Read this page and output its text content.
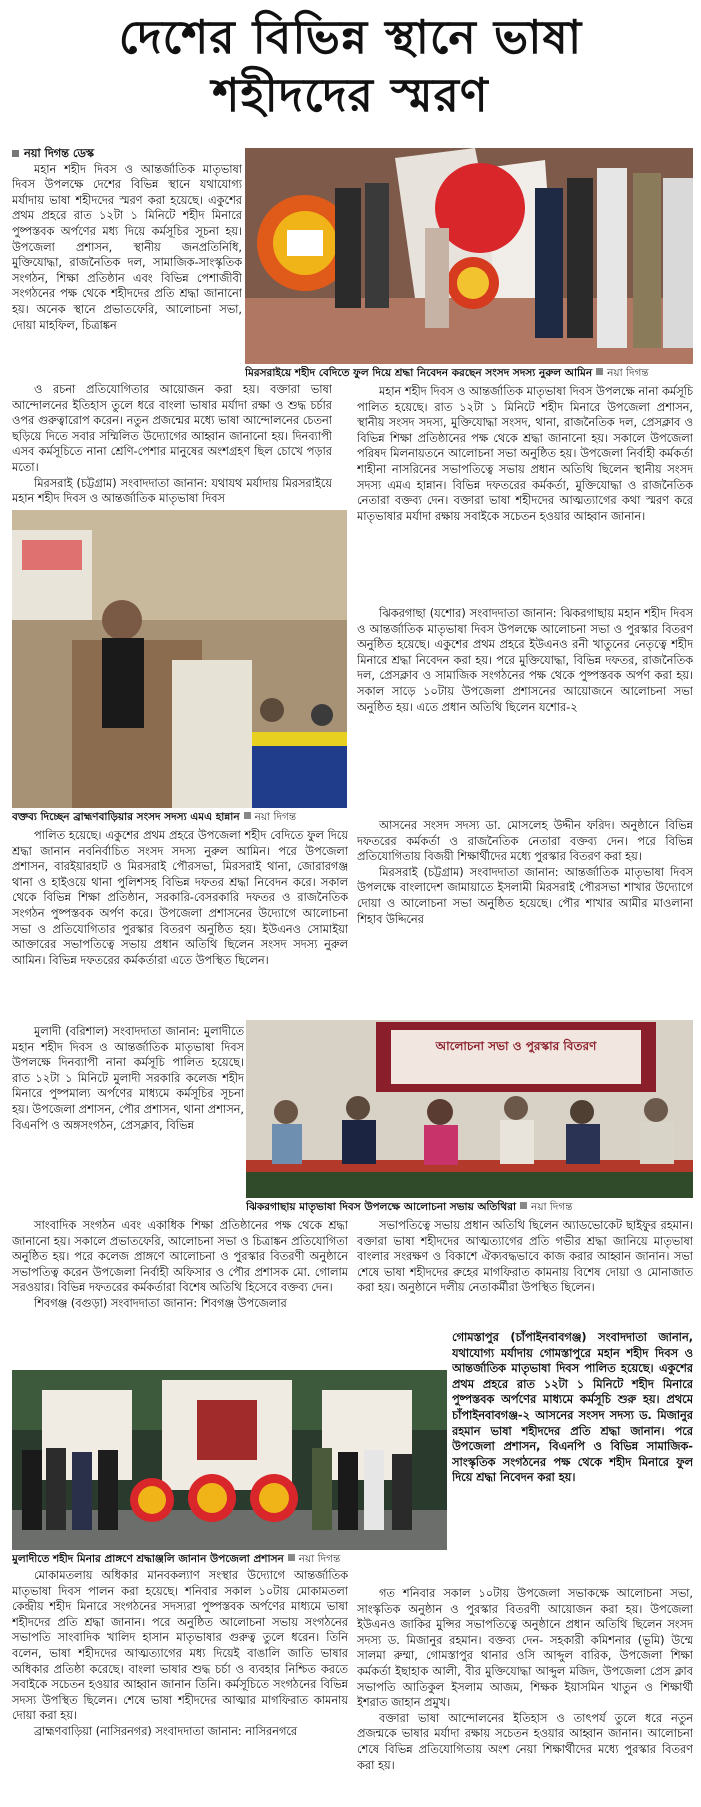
দেশের বিভিন্ন স্থানে ভাষা
শহীদদের স্মরণ
নয়া দিগন্ত ডেস্ক

মহান শহীদ দিবস ও আন্তর্জাতিক মাতৃভাষা দিবস উপলক্ষে দেশের বিভিন্ন স্থানে যথাযোগ্য মর্যাদায় ভাষা শহীদদের স্মরণ করা হয়েছে। একুশের প্রথম প্রহরে রাত ১২টা ১ মিনিটে শহীদ মিনারে পুষ্পস্তবক অর্পণের মধ্য দিয়ে কর্মসূচির সূচনা হয়। উপজেলা প্রশাসন, স্থানীয় জনপ্রতিনিধি, মুক্তিযোদ্ধা, রাজনৈতিক দল, সামাজিক-সাংস্কৃতিক সংগঠন, শিক্ষা প্রতিষ্ঠান এবং বিভিন্ন পেশাজীবী সংগঠনের পক্ষ থেকে শহীদদের প্রতি শ্রদ্ধা জানানো হয়। অনেক স্থানে প্রভাতফেরি, আলোচনা সভা, দোয়া মাহফিল, চিত্রাঙ্কন

মিরসরাইয়ে শহীদ বেদিতে ফুল দিয়ে শ্রদ্ধা নিবেদন করছেন সংসদ সদস্য নুরুল আমিন নয়া দিগন্ত

ও রচনা প্রতিযোগিতার আয়োজন করা হয়। বক্তারা ভাষা আন্দোলনের ইতিহাস তুলে ধরে বাংলা ভাষার মর্যাদা রক্ষা ও শুদ্ধ চর্চার ওপর গুরুত্বারোপ করেন। নতুন প্রজন্মের মধ্যে ভাষা আন্দোলনের চেতনা ছড়িয়ে দিতে সবার সম্মিলিত উদ্যোগের আহ্বান জানানো হয়। দিনব্যাপী এসব কর্মসূচিতে নানা শ্রেণি-পেশার মানুষের অংশগ্রহণ ছিল চোখে পড়ার মতো।

মিরসরাই (চট্টগ্রাম) সংবাদদাতা জানান: যথাযথ মর্যাদায় মিরসরাইয়ে মহান শহীদ দিবস ও আন্তর্জাতিক মাতৃভাষা দিবস

মহান শহীদ দিবস ও আন্তর্জাতিক মাতৃভাষা দিবস উপলক্ষে নানা কর্মসূচি পালিত হয়েছে। রাত ১২টা ১ মিনিটে শহীদ মিনারে উপজেলা প্রশাসন, স্থানীয় সংসদ সদস্য, মুক্তিযোদ্ধা সংসদ, থানা, রাজনৈতিক দল, প্রেসক্লাব ও বিভিন্ন শিক্ষা প্রতিষ্ঠানের পক্ষ থেকে শ্রদ্ধা জানানো হয়। সকালে উপজেলা পরিষদ মিলনায়তনে আলোচনা সভা অনুষ্ঠিত হয়। উপজেলা নির্বাহী কর্মকর্তা শাহীনা নাসরিনের সভাপতিত্বে সভায় প্রধান অতিথি ছিলেন স্থানীয় সংসদ সদস্য এমএ হান্নান। বিভিন্ন দফতরের কর্মকর্তা, মুক্তিযোদ্ধা ও রাজনৈতিক নেতারা বক্তব্য দেন। বক্তারা ভাষা শহীদদের আত্মত্যাগের কথা স্মরণ করে মাতৃভাষার মর্যাদা রক্ষায় সবাইকে সচেতন হওয়ার আহ্বান জানান।

বক্তব্য দিচ্ছেন ব্রাহ্মণবাড়িয়ার সংসদ সদস্য এমএ হান্নান নয়া দিগন্ত

ঝিকরগাছা (যশোর) সংবাদদাতা জানান: ঝিকরগাছায় মহান শহীদ দিবস ও আন্তর্জাতিক মাতৃভাষা দিবস উপলক্ষে আলোচনা সভা ও পুরস্কার বিতরণ অনুষ্ঠিত হয়েছে। একুশের প্রথম প্রহরে ইউএনও রনী খাতুনের নেতৃত্বে শহীদ মিনারে শ্রদ্ধা নিবেদন করা হয়। পরে মুক্তিযোদ্ধা, বিভিন্ন দফতর, রাজনৈতিক দল, প্রেসক্লাব ও সামাজিক সংগঠনের পক্ষ থেকে পুষ্পস্তবক অর্পণ করা হয়। সকাল সাড়ে ১০টায় উপজেলা প্রশাসনের আয়োজনে আলোচনা সভা অনুষ্ঠিত হয়। এতে প্রধান অতিথি ছিলেন যশোর-২

পালিত হয়েছে। একুশের প্রথম প্রহরে উপজেলা শহীদ বেদিতে ফুল দিয়ে শ্রদ্ধা জানান নবনির্বাচিত সংসদ সদস্য নুরুল আমিন। পরে উপজেলা প্রশাসন, বারইয়ারহাট ও মিরসরাই পৌরসভা, মিরসরাই থানা, জোরারগঞ্জ থানা ও হাইওয়ে থানা পুলিশসহ বিভিন্ন দফতর শ্রদ্ধা নিবেদন করে। সকাল থেকে বিভিন্ন শিক্ষা প্রতিষ্ঠান, সরকারি-বেসরকারি দফতর ও রাজনৈতিক সংগঠন পুষ্পস্তবক অর্পণ করে। উপজেলা প্রশাসনের উদ্যোগে আলোচনা সভা ও প্রতিযোগিতার পুরস্কার বিতরণ অনুষ্ঠিত হয়। ইউএনও সোমাইয়া আক্তারের সভাপতিত্বে সভায় প্রধান অতিথি ছিলেন সংসদ সদস্য নুরুল আমিন। বিভিন্ন দফতরের কর্মকর্তারা এতে উপস্থিত ছিলেন।

আসনের সংসদ সদস্য ডা. মোসলেহ উদ্দীন ফরিদ। অনুষ্ঠানে বিভিন্ন দফতরের কর্মকর্তা ও রাজনৈতিক নেতারা বক্তব্য দেন। পরে বিভিন্ন প্রতিযোগিতায় বিজয়ী শিক্ষার্থীদের মধ্যে পুরস্কার বিতরণ করা হয়।

মিরসরাই (চট্টগ্রাম) সংবাদদাতা জানান: আন্তর্জাতিক মাতৃভাষা দিবস উপলক্ষে বাংলাদেশ জামায়াতে ইসলামী মিরসরাই পৌরসভা শাখার উদ্যোগে দোয়া ও আলোচনা সভা অনুষ্ঠিত হয়েছে। পৌর শাখার আমীর মাওলানা শিহাব উদ্দিনের

মুলাদী (বরিশাল) সংবাদদাতা জানান: মুলাদীতে মহান শহীদ দিবস ও আন্তর্জাতিক মাতৃভাষা দিবস উপলক্ষে দিনব্যাপী নানা কর্মসূচি পালিত হয়েছে। রাত ১২টা ১ মিনিটে মুলাদী সরকারি কলেজ শহীদ মিনারে পুষ্পমাল্য অর্পণের মাধ্যমে কর্মসূচির সূচনা হয়। উপজেলা প্রশাসন, পৌর প্রশাসন, থানা প্রশাসন, বিএনপি ও অঙ্গসংগঠন, প্রেসক্লাব, বিভিন্ন

আলোচনা সভা ও পুরস্কার বিতরণ
ঝিকরগাছায় মাতৃভাষা দিবস উপলক্ষে আলোচনা সভায় অতিথিরা নয়া দিগন্ত

সাংবাদিক সংগঠন এবং একাধিক শিক্ষা প্রতিষ্ঠানের পক্ষ থেকে শ্রদ্ধা জানানো হয়। সকালে প্রভাতফেরি, আলোচনা সভা ও চিত্রাঙ্কন প্রতিযোগিতা অনুষ্ঠিত হয়। পরে কলেজ প্রাঙ্গণে আলোচনা ও পুরস্কার বিতরণী অনুষ্ঠানে সভাপতিত্ব করেন উপজেলা নির্বাহী অফিসার ও পৌর প্রশাসক মো. গোলাম সরওয়ার। বিভিন্ন দফতরের কর্মকর্তারা বিশেষ অতিথি হিসেবে বক্তব্য দেন।

শিবগঞ্জ (বগুড়া) সংবাদদাতা জানান: শিবগঞ্জ উপজেলার

সভাপতিত্বে সভায় প্রধান অতিথি ছিলেন অ্যাডভোকেট ছাইফুর রহমান। বক্তারা ভাষা শহীদদের আত্মত্যাগের প্রতি গভীর শ্রদ্ধা জানিয়ে মাতৃভাষা বাংলার সংরক্ষণ ও বিকাশে ঐক্যবদ্ধভাবে কাজ করার আহ্বান জানান। সভা শেষে ভাষা শহীদদের রুহের মাগফিরাত কামনায় বিশেষ দোয়া ও মোনাজাত করা হয়। অনুষ্ঠানে দলীয় নেতাকর্মীরা উপস্থিত ছিলেন।

গোমস্তাপুর (চাঁপাইনবাবগঞ্জ) সংবাদদাতা জানান, যথাযোগ্য মর্যাদায় গোমস্তাপুরে মহান শহীদ দিবস ও আন্তর্জাতিক মাতৃভাষা দিবস পালিত হয়েছে। একুশের প্রথম প্রহরে রাত ১২টা ১ মিনিটে শহীদ মিনারে পুষ্পস্তবক অর্পণের মাধ্যমে কর্মসূচি শুরু হয়। প্রথমে চাঁপাইনবাবগঞ্জ-২ আসনের সংসদ সদস্য ড. মিজানুর রহমান ভাষা শহীদদের প্রতি শ্রদ্ধা জানান। পরে উপজেলা প্রশাসন, বিএনপি ও বিভিন্ন সামাজিক-সাংস্কৃতিক সংগঠনের পক্ষ থেকে শহীদ মিনারে ফুল দিয়ে শ্রদ্ধা নিবেদন করা হয়।

মুলাদীতে শহীদ মিনার প্রাঙ্গণে শ্রদ্ধাঞ্জলি জানান উপজেলা প্রশাসন নয়া দিগন্ত

মোকামতলায় অধিকার মানবকল্যাণ সংস্থার উদ্যোগে আন্তর্জাতিক মাতৃভাষা দিবস পালন করা হয়েছে। শনিবার সকাল ১০টায় মোকামতলা কেন্দ্রীয় শহীদ মিনারে সংগঠনের সদস্যরা পুষ্পস্তবক অর্পণের মাধ্যমে ভাষা শহীদদের প্রতি শ্রদ্ধা জানান। পরে অনুষ্ঠিত আলোচনা সভায় সংগঠনের সভাপতি সাংবাদিক খালিদ হাসান মাতৃভাষার গুরুত্ব তুলে ধরেন। তিনি বলেন, ভাষা শহীদদের আত্মত্যাগের মধ্য দিয়েই বাঙালি জাতি ভাষার অধিকার প্রতিষ্ঠা করেছে। বাংলা ভাষার শুদ্ধ চর্চা ও ব্যবহার নিশ্চিত করতে সবাইকে সচেতন হওয়ার আহ্বান জানান তিনি। কর্মসূচিতে সংগঠনের বিভিন্ন সদস্য উপস্থিত ছিলেন। শেষে ভাষা শহীদদের আত্মার মাগফিরাত কামনায় দোয়া করা হয়।

ব্রাহ্মণবাড়িয়া (নাসিরনগর) সংবাদদাতা জানান: নাসিরনগরে

গত শনিবার সকাল ১০টায় উপজেলা সভাকক্ষে আলোচনা সভা, সাংস্কৃতিক অনুষ্ঠান ও পুরস্কার বিতরণী আয়োজন করা হয়। উপজেলা ইউএনও জাকির মুন্সির সভাপতিত্বে অনুষ্ঠানে প্রধান অতিথি ছিলেন সংসদ সদস্য ড. মিজানুর রহমান। বক্তব্য দেন- সহকারী কমিশনার (ভূমি) উম্মে সালমা রুম্মা, গোমস্তাপুর থানার ওসি আব্দুল বারিক, উপজেলা শিক্ষা কর্মকর্তা ইছাহাক আলী, বীর মুক্তিযোদ্ধা আব্দুল মজিদ, উপজেলা প্রেস ক্লাব সভাপতি আতিকুল ইসলাম আজম, শিক্ষক ইয়াসমিন খাতুন ও শিক্ষার্থী ইশরাত জাহান প্রমুখ।

বক্তারা ভাষা আন্দোলনের ইতিহাস ও তাৎপর্য তুলে ধরে নতুন প্রজন্মকে ভাষার মর্যাদা রক্ষায় সচেতন হওয়ার আহ্বান জানান। আলোচনা শেষে বিভিন্ন প্রতিযোগিতায় অংশ নেয়া শিক্ষার্থীদের মধ্যে পুরস্কার বিতরণ করা হয়।
